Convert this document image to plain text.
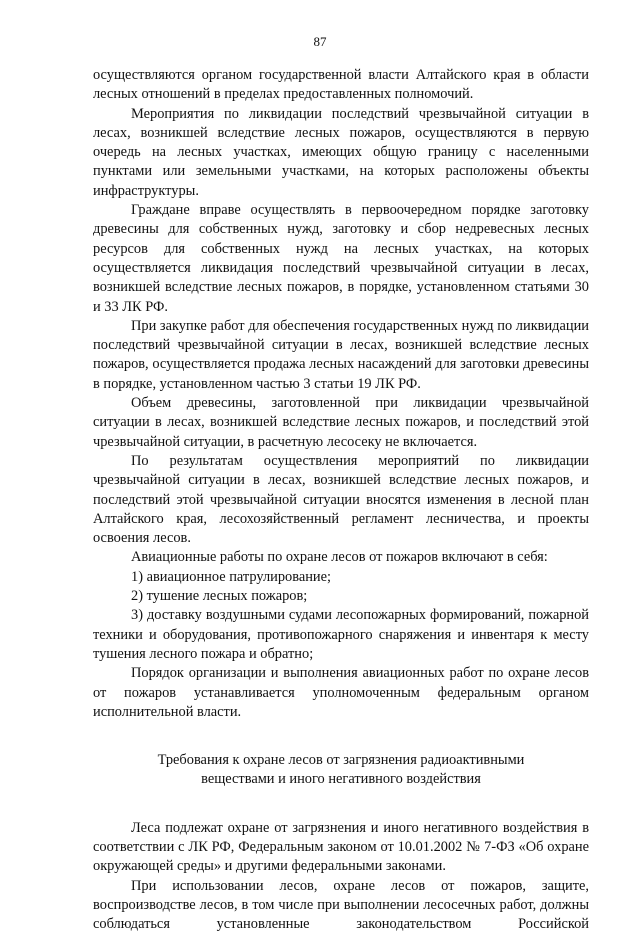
87

осуществляются органом государственной власти Алтайского края в области лесных отношений в пределах предоставленных полномочий.

Мероприятия по ликвидации последствий чрезвычайной ситуации в лесах, возникшей вследствие лесных пожаров, осуществляются в первую очередь на лесных участках, имеющих общую границу с населенными пунктами или земельными участками, на которых расположены объекты инфраструктуры.

Граждане вправе осуществлять в первоочередном порядке заготовку древесины для собственных нужд, заготовку и сбор недревесных лесных ресурсов для собственных нужд на лесных участках, на которых осуществляется ликвидация последствий чрезвычайной ситуации в лесах, возникшей вследствие лесных пожаров, в порядке, установленном статьями 30 и 33 ЛК РФ.

При закупке работ для обеспечения государственных нужд по ликвидации последствий чрезвычайной ситуации в лесах, возникшей вследствие лесных пожаров, осуществляется продажа лесных насаждений для заготовки древесины в порядке, установленном частью 3 статьи 19 ЛК РФ.

Объем древесины, заготовленной при ликвидации чрезвычайной ситуации в лесах, возникшей вследствие лесных пожаров, и последствий этой чрезвычайной ситуации, в расчетную лесосеку не включается.

По результатам осуществления мероприятий по ликвидации чрезвычайной ситуации в лесах, возникшей вследствие лесных пожаров, и последствий этой чрезвычайной ситуации вносятся изменения в лесной план Алтайского края, лесохозяйственный регламент лесничества, и проекты освоения лесов.

Авиационные работы по охране лесов от пожаров включают в себя:

1) авиационное патрулирование;

2) тушение лесных пожаров;

3) доставку воздушными судами лесопожарных формирований, пожарной техники и оборудования, противопожарного снаряжения и инвентаря к месту тушения лесного пожара и обратно;

Порядок организации и выполнения авиационных работ по охране лесов от пожаров устанавливается уполномоченным федеральным органом исполнительной власти.

Требования к охране лесов от загрязнения радиоактивными
веществами и иного негативного воздействия

Леса подлежат охране от загрязнения и иного негативного воздействия в соответствии с ЛК РФ, Федеральным законом от 10.01.2002 № 7-ФЗ «Об охране окружающей среды» и другими федеральными законами.

При использовании лесов, охране лесов от пожаров, защите, воспроизводстве лесов, в том числе при выполнении лесосечных работ, должны соблюдаться установленные законодательством Российской
